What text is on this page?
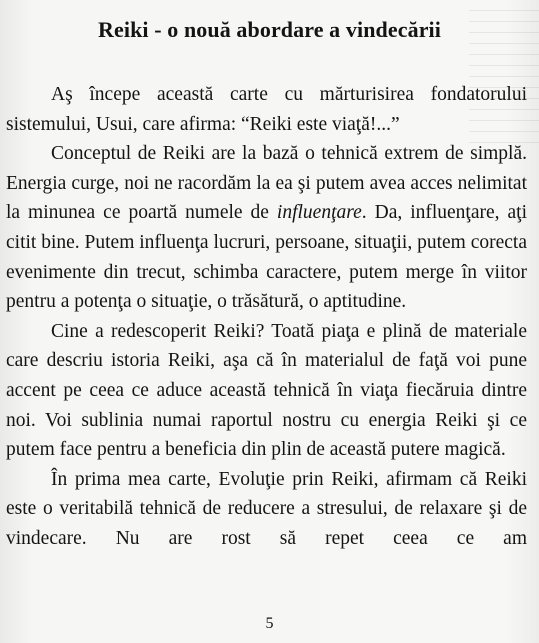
Reiki - o nouă abordare a vindecării

Aş începe această carte cu mărturisirea fondatorului sistemului, Usui, care afirma: “Reiki este viaţă!...”

Conceptul de Reiki are la bază o tehnică extrem de simplă. Energia curge, noi ne racordăm la ea şi putem avea acces nelimitat la minunea ce poartă numele de influenţare. Da, influenţare, aţi citit bine. Putem influenţa lucruri, persoane, situaţii, putem corecta evenimente din trecut, schimba caractere, putem merge în viitor pentru a potenţa o situaţie, o trăsătură, o aptitudine.

Cine a redescoperit Reiki? Toată piaţa e plină de materiale care descriu istoria Reiki, aşa că în materialul de faţă voi pune accent pe ceea ce aduce această tehnică în viaţa fiecăruia dintre noi. Voi sublinia numai raportul nostru cu energia Reiki şi ce putem face pentru a beneficia din plin de această putere magică.

În prima mea carte, Evoluţie prin Reiki, afirmam că Reiki este o veritabilă tehnică de reducere a stresului, de relaxare şi de vindecare. Nu are rost să repet ceea ce am

5
